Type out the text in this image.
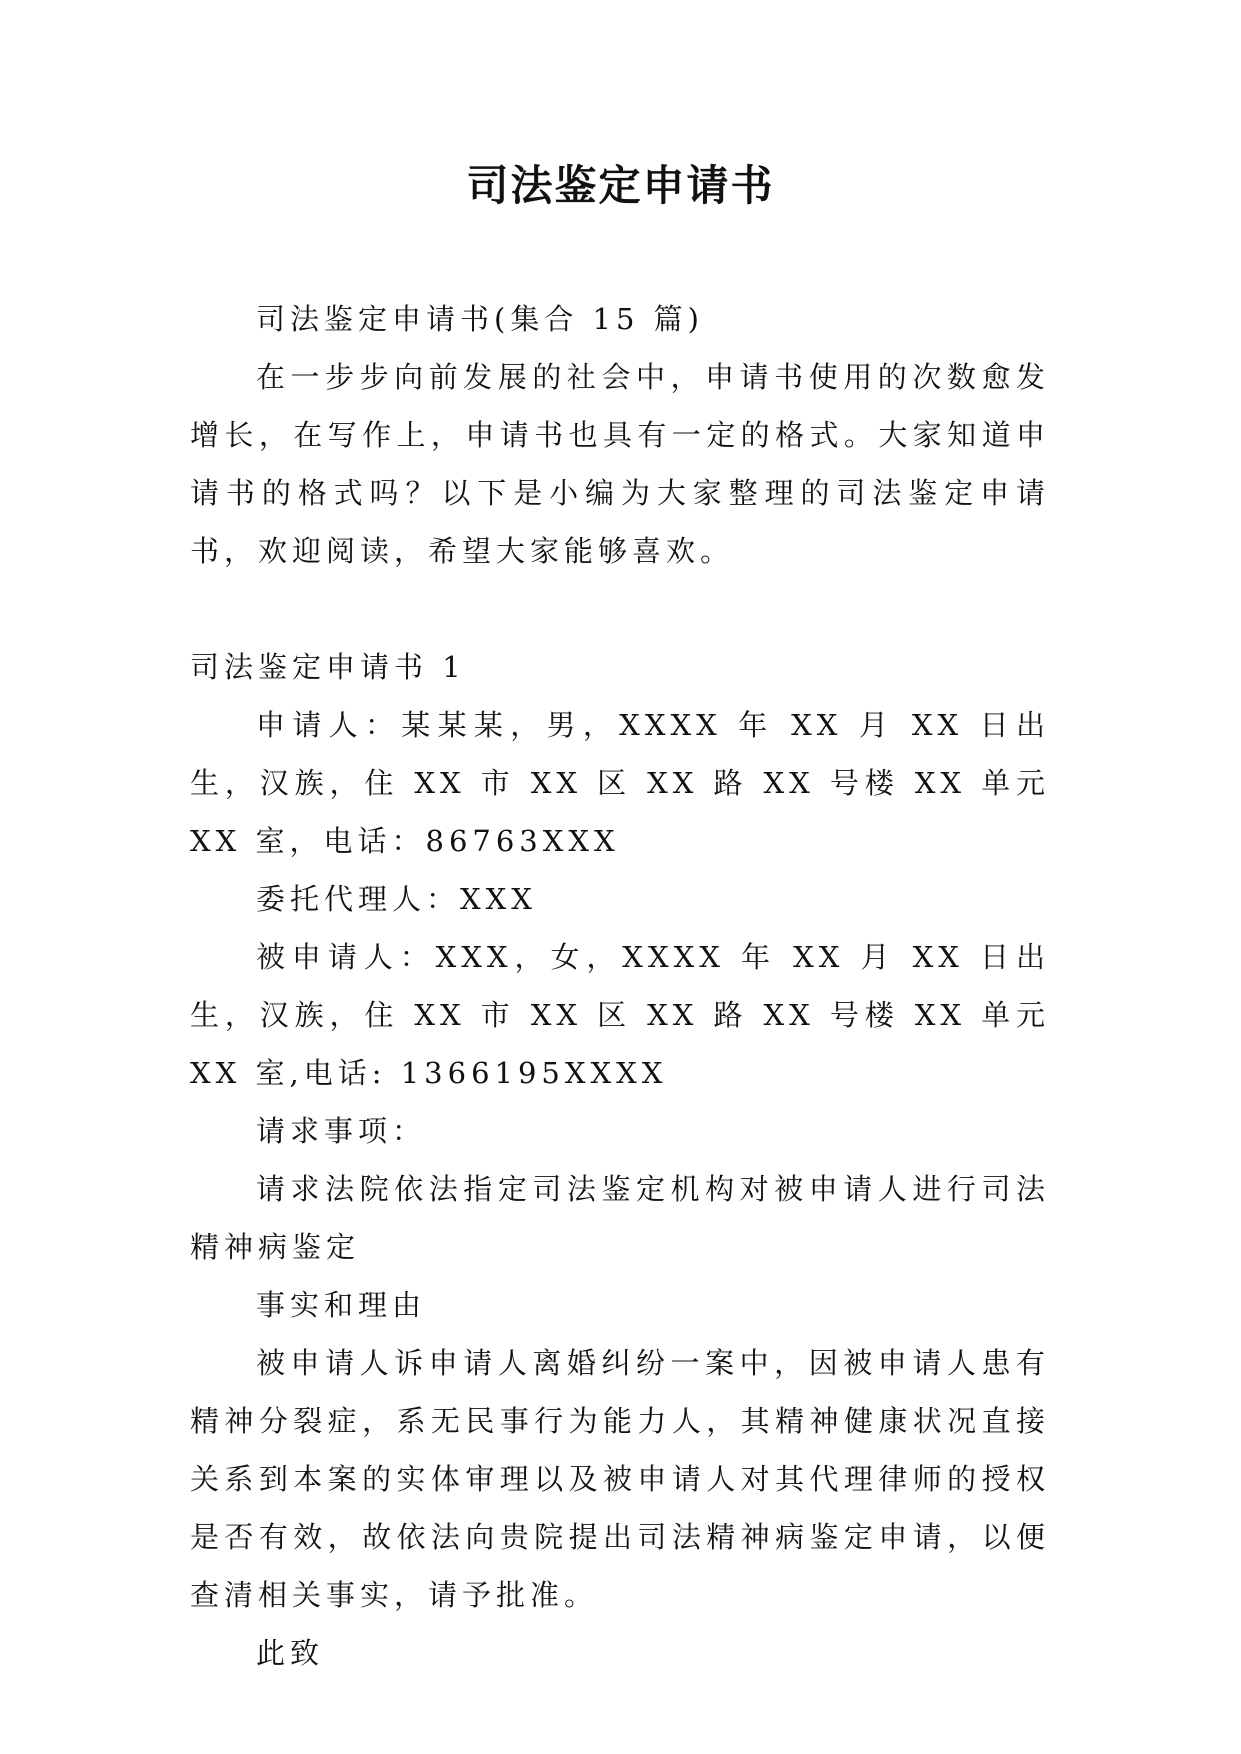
司法鉴定申请书

司法鉴定申请书(集合 15 篇)

在一步步向前发展的社会中，申请书使用的次数愈发增长，在写作上，申请书也具有一定的格式。大家知道申请书的格式吗？以下是小编为大家整理的司法鉴定申请书，欢迎阅读，希望大家能够喜欢。

司法鉴定申请书 1

申请人：某某某，男，XXXX 年 XX 月 XX 日出生，汉族，住 XX 市 XX 区 XX 路 XX 号楼 XX 单元 XX 室，电话：86763XXX

委托代理人：XXX

被申请人：XXX，女，XXXX 年 XX 月 XX 日出生，汉族，住 XX 市 XX 区 XX 路 XX 号楼 XX 单元 XX 室,电话: 1366195XXXX

请求事项：

请求法院依法指定司法鉴定机构对被申请人进行司法精神病鉴定

事实和理由

被申请人诉申请人离婚纠纷一案中，因被申请人患有精神分裂症，系无民事行为能力人，其精神健康状况直接关系到本案的实体审理以及被申请人对其代理律师的授权是否有效，故依法向贵院提出司法精神病鉴定申请，以便查清相关事实，请予批准。

此致
